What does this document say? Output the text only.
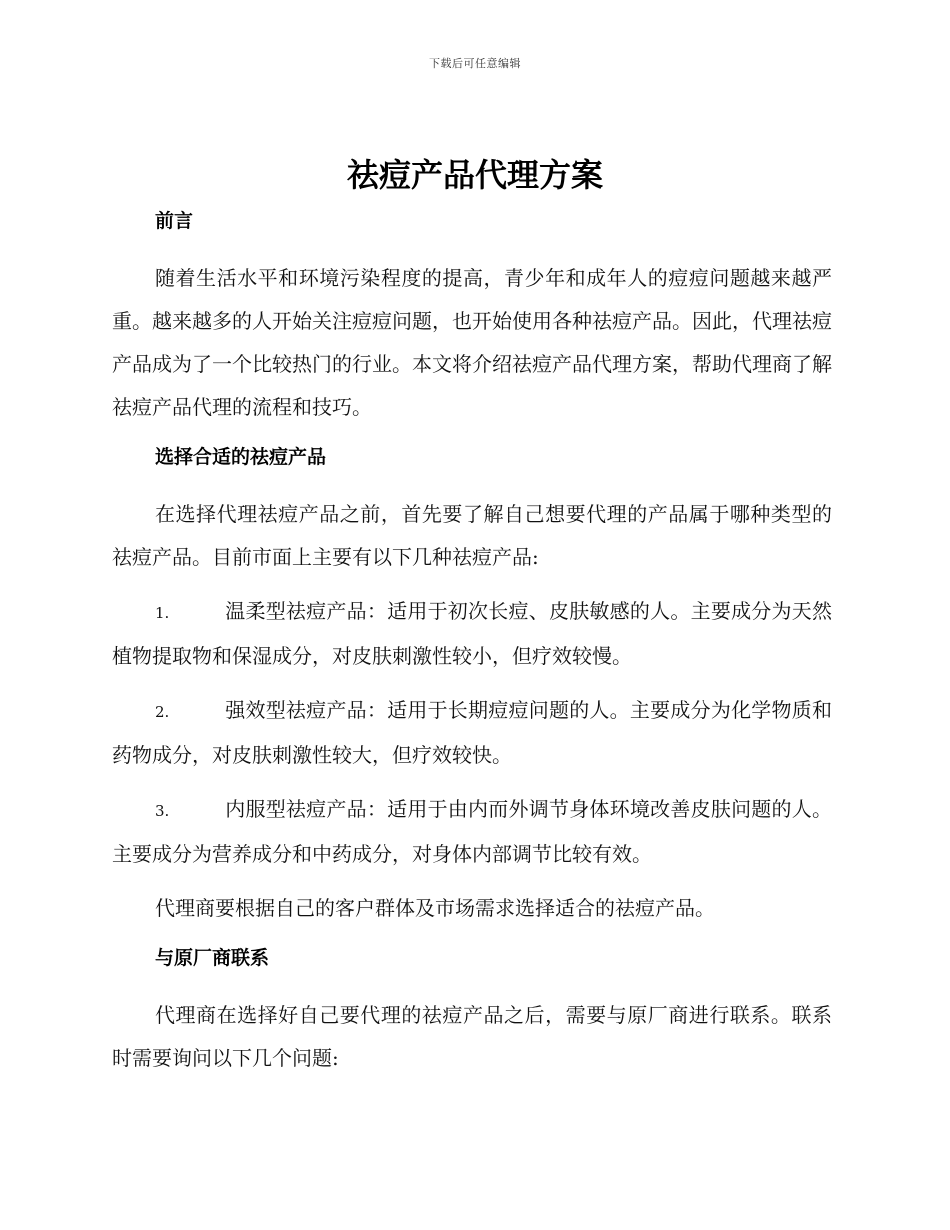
下载后可任意编辑
祛痘产品代理方案
前言

随着生活水平和环境污染程度的提高，青少年和成年人的痘痘问题越来越严重。越来越多的人开始关注痘痘问题，也开始使用各种祛痘产品。因此，代理祛痘产品成为了一个比较热门的行业。本文将介绍祛痘产品代理方案，帮助代理商了解祛痘产品代理的流程和技巧。

选择合适的祛痘产品

在选择代理祛痘产品之前，首先要了解自己想要代理的产品属于哪种类型的祛痘产品。目前市面上主要有以下几种祛痘产品:

1.	温柔型祛痘产品：适用于初次长痘、皮肤敏感的人。主要成分为天然植物提取物和保湿成分，对皮肤刺激性较小，但疗效较慢。

2.	强效型祛痘产品：适用于长期痘痘问题的人。主要成分为化学物质和药物成分，对皮肤刺激性较大，但疗效较快。

3.	内服型祛痘产品：适用于由内而外调节身体环境改善皮肤问题的人。主要成分为营养成分和中药成分，对身体内部调节比较有效。

代理商要根据自己的客户群体及市场需求选择适合的祛痘产品。

与原厂商联系

代理商在选择好自己要代理的祛痘产品之后，需要与原厂商进行联系。联系时需要询问以下几个问题:
